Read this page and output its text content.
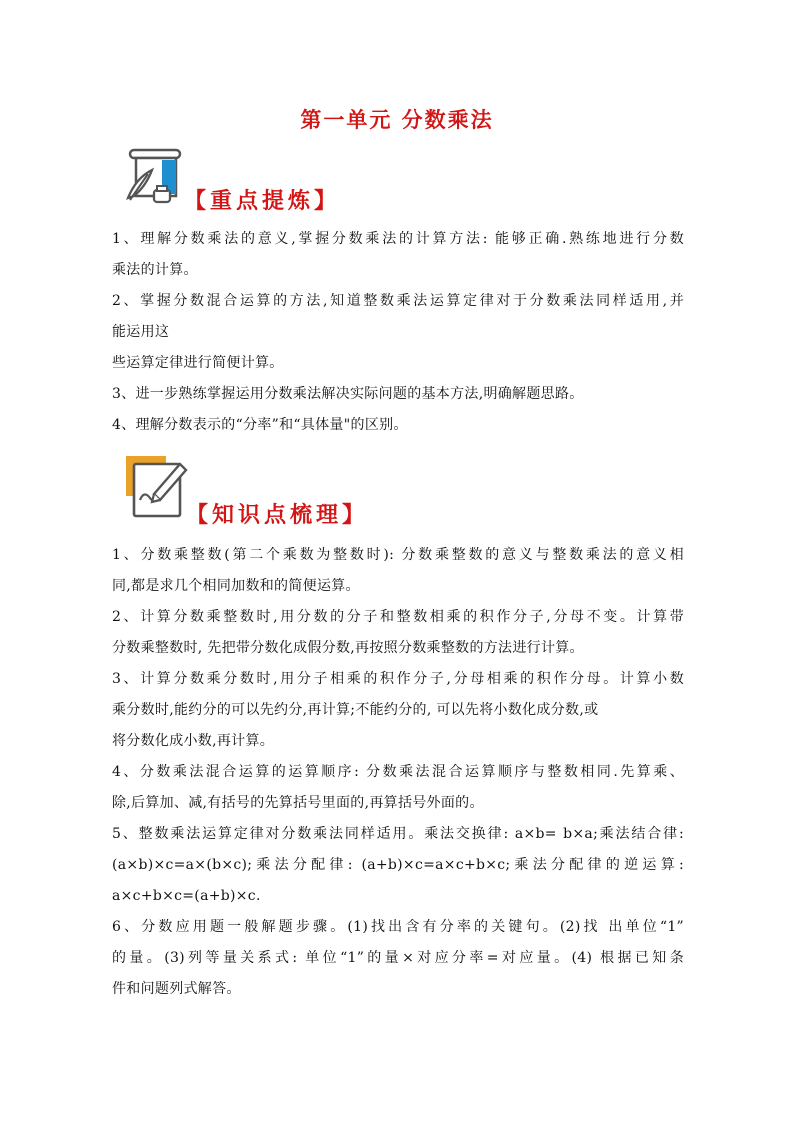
第一单元 分数乘法
【重点提炼】
1、理解分数乘法的意义,掌握分数乘法的计算方法: 能够正确.熟练地进行分数
乘法的计算。
2、掌握分数混合运算的方法,知道整数乘法运算定律对于分数乘法同样适用,并
能运用这
些运算定律进行简便计算。
3、进一步熟练掌握运用分数乘法解决实际问题的基本方法,明确解题思路。
4、理解分数表示的“分率”和“具体量"的区别。
【知识点梳理】
1、分数乘整数(第二个乘数为整数时): 分数乘整数的意义与整数乘法的意义相
同,都是求几个相同加数和的简便运算。
2、计算分数乘整数时,用分数的分子和整数相乘的积作分子,分母不变。计算带
分数乘整数时, 先把带分数化成假分数,再按照分数乘整数的方法进行计算。
3、计算分数乘分数时,用分子相乘的积作分子,分母相乘的积作分母。计算小数
乘分数时,能约分的可以先约分,再计算;不能约分的, 可以先将小数化成分数,或
将分数化成小数,再计算。
4、分数乘法混合运算的运算顺序: 分数乘法混合运算顺序与整数相同.先算乘、
除,后算加、减,有括号的先算括号里面的,再算括号外面的。
5、整数乘法运算定律对分数乘法同样适用。乘法交换律: a×b= b×a;乘法结合律:
(a×b)×c=a×(b×c);乘法分配律: (a+b)×c=a×c+b×c;乘法分配律的逆运算:
a×c+b×c=(a+b)×c.
6、分数应用题一般解题步骤。(1)找出含有分率的关键句。(2)找 出单位“1”
的量。(3)列等量关系式: 单位“1”的量×对应分率=对应量。(4) 根据已知条
件和问题列式解答。
